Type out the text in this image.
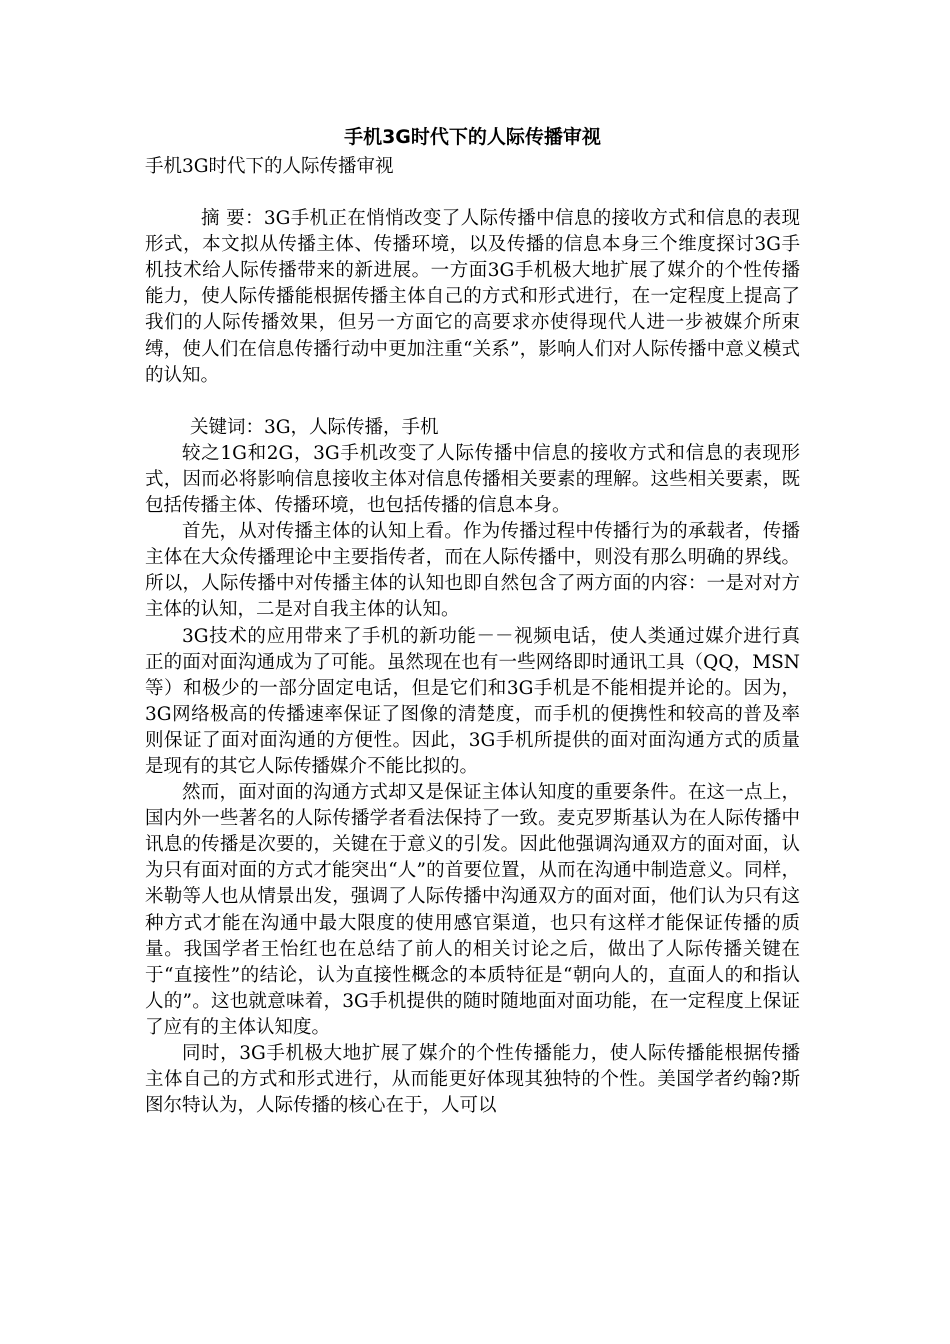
手机3G时代下的人际传播审视
手机3G时代下的人际传播审视

摘 要：3G手机正在悄悄改变了人际传播中信息的接收方式和信息的表现形式，本文拟从传播主体、传播环境，以及传播的信息本身三个维度探讨3G手机技术给人际传播带来的新进展。一方面3G手机极大地扩展了媒介的个性传播能力，使人际传播能根据传播主体自己的方式和形式进行，在一定程度上提高了我们的人际传播效果，但另一方面它的高要求亦使得现代人进一步被媒介所束缚，使人们在信息传播行动中更加注重“关系”，影响人们对人际传播中意义模式的认知。

关键词：3G，人际传播，手机

较之1G和2G，3G手机改变了人际传播中信息的接收方式和信息的表现形式，因而必将影响信息接收主体对信息传播相关要素的理解。这些相关要素，既包括传播主体、传播环境，也包括传播的信息本身。

首先，从对传播主体的认知上看。作为传播过程中传播行为的承载者，传播主体在大众传播理论中主要指传者，而在人际传播中，则没有那么明确的界线。所以，人际传播中对传播主体的认知也即自然包含了两方面的内容：一是对对方主体的认知，二是对自我主体的认知。

3G技术的应用带来了手机的新功能－－视频电话，使人类通过媒介进行真正的面对面沟通成为了可能。虽然现在也有一些网络即时通讯工具（QQ，MSN等）和极少的一部分固定电话，但是它们和3G手机是不能相提并论的。因为，3G网络极高的传播速率保证了图像的清楚度，而手机的便携性和较高的普及率则保证了面对面沟通的方便性。因此，3G手机所提供的面对面沟通方式的质量是现有的其它人际传播媒介不能比拟的。

然而，面对面的沟通方式却又是保证主体认知度的重要条件。在这一点上，国内外一些著名的人际传播学者看法保持了一致。麦克罗斯基认为在人际传播中讯息的传播是次要的，关键在于意义的引发。因此他强调沟通双方的面对面，认为只有面对面的方式才能突出“人”的首要位置，从而在沟通中制造意义。同样，米勒等人也从情景出发，强调了人际传播中沟通双方的面对面，他们认为只有这种方式才能在沟通中最大限度的使用感官渠道，也只有这样才能保证传播的质量。我国学者王怡红也在总结了前人的相关讨论之后，做出了人际传播关键在于“直接性”的结论，认为直接性概念的本质特征是“朝向人的，直面人的和指认人的”。这也就意味着，3G手机提供的随时随地面对面功能，在一定程度上保证了应有的主体认知度。

同时，3G手机极大地扩展了媒介的个性传播能力，使人际传播能根据传播主体自己的方式和形式进行，从而能更好体现其独特的个性。美国学者约翰?斯图尔特认为，人际传播的核心在于，人可以
